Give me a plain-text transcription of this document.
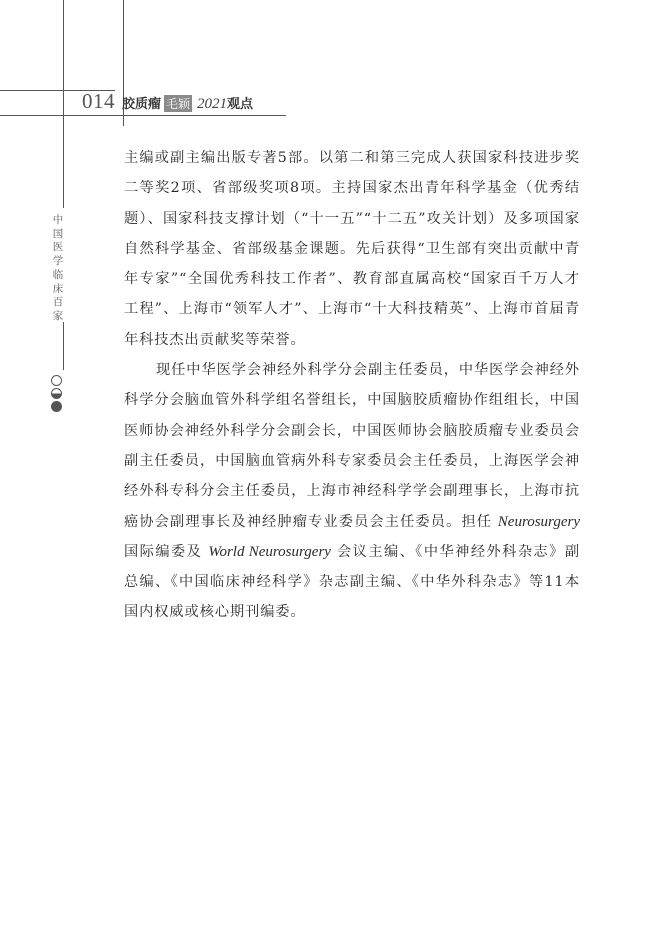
014 胶质瘤 毛颖 2021 观点
中国医学临床百家

主编或副主编出版专著5部。以第二和第三完成人获国家科技进步奖二等奖2项、省部级奖项8项。主持国家杰出青年科学基金（优秀结题）、国家科技支撑计划（“十一五”“十二五”攻关计划）及多项国家自然科学基金、省部级基金课题。先后获得“卫生部有突出贡献中青年专家”“全国优秀科技工作者”、教育部直属高校“国家百千万人才工程”、上海市“领军人才”、上海市“十大科技精英”、上海市首届青年科技杰出贡献奖等荣誉。

现任中华医学会神经外科学分会副主任委员，中华医学会神经外科学分会脑血管外科学组名誉组长，中国脑胶质瘤协作组组长，中国医师协会神经外科学分会副会长，中国医师协会脑胶质瘤专业委员会副主任委员，中国脑血管病外科专家委员会主任委员，上海医学会神经外科专科分会主任委员，上海市神经科学学会副理事长，上海市抗癌协会副理事长及神经肿瘤专业委员会主任委员。担任 Neurosurgery 国际编委及 World Neurosurgery 会议主编、《中华神经外科杂志》副总编、《中国临床神经科学》杂志副主编、《中华外科杂志》等11本国内权威或核心期刊编委。
